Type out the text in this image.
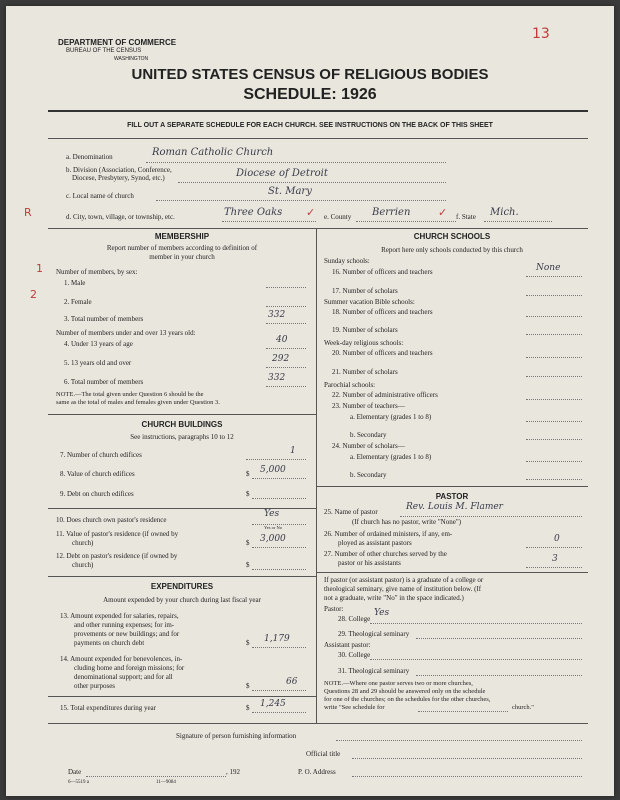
13
DEPARTMENT OF COMMERCE
BUREAU OF THE CENSUS
WASHINGTON
UNITED STATES CENSUS OF RELIGIOUS BODIES
SCHEDULE: 1926
FILL OUT A SEPARATE SCHEDULE FOR EACH CHURCH. SEE INSTRUCTIONS ON THE BACK OF THIS SHEET
R
1
2
a. Denomination	Roman Catholic Church
b. Division (Association, Conference,
Diocese, Presbytery, Synod, etc.)	Diocese of Detroit
c. Local name of church	St. Mary
d. City, town, village, or township, etc.	Three Oaks ✓ e. County Berrien	✓ f. State Mich.
MEMBERSHIP
Report number of members according to definition of
member in your church
Number of members, by sex:
1. Male
2. Female
3. Total number of members	332
Number of members under and over 13 years old:
4. Under 13 years of age	40
5. 13 years old and over	292
6. Total number of members	332
NOTE.—The total given under Question 6 should be the
same as the total of males and females given under Question 3.
CHURCH BUILDINGS
See instructions, paragraphs 10 to 12
7. Number of church edifices	1
8. Value of church edifices	$ 5,000
9. Debt on church edifices	$
10. Does church own pastor's residence
Yes
Yes or No
11. Value of pastor's residence (if owned by
church)	$ 3,000
12. Debt on pastor's residence (if owned by
church)	$
EXPENDITURES
Amount expended by your church during last fiscal year
13. Amount expended for salaries, repairs,
and other running expenses; for im-
provements or new buildings; and for
payments on church debt	$ 1,179
14. Amount expended for benevolences, in-
cluding home and foreign missions; for
denominational support; and for all
other purposes	$	66
15. Total expenditures during year	$ 1,245
CHURCH SCHOOLS
Report here only schools conducted by this church
Sunday schools:
16. Number of officers and teachers	None
17. Number of scholars
Summer vacation Bible schools:
18. Number of officers and teachers
19. Number of scholars
Week-day religious schools:
20. Number of officers and teachers
21. Number of scholars
Parochial schools:
22. Number of administrative officers
23. Number of teachers—
a. Elementary (grades 1 to 8)
b. Secondary
24. Number of scholars—
a. Elementary (grades 1 to 8)
b. Secondary
PASTOR
25. Name of pastor	Rev. Louis M. Flamer
(If church has no pastor, write "None")
26. Number of ordained ministers, if any, em-
ployed as assistant pastors	0
27. Number of other churches served by the
pastor or his assistants	3
If pastor (or assistant pastor) is a graduate of a college or
theological seminary, give name of institution below. (If
not a graduate, write "No" in the space indicated.)
Pastor:
28. College
Yes
29. Theological seminary
Assistant pastor:
30. College
31. Theological seminary
NOTE.—Where one pastor serves two or more churches,
Questions 28 and 29 should be answered only on the schedule
for one of the churches; on the schedules for the other churches,
write "See schedule for	church."
Signature of person furnishing information
Official title
Date	, 192	P. O. Address
6—5519 a	11—9084
